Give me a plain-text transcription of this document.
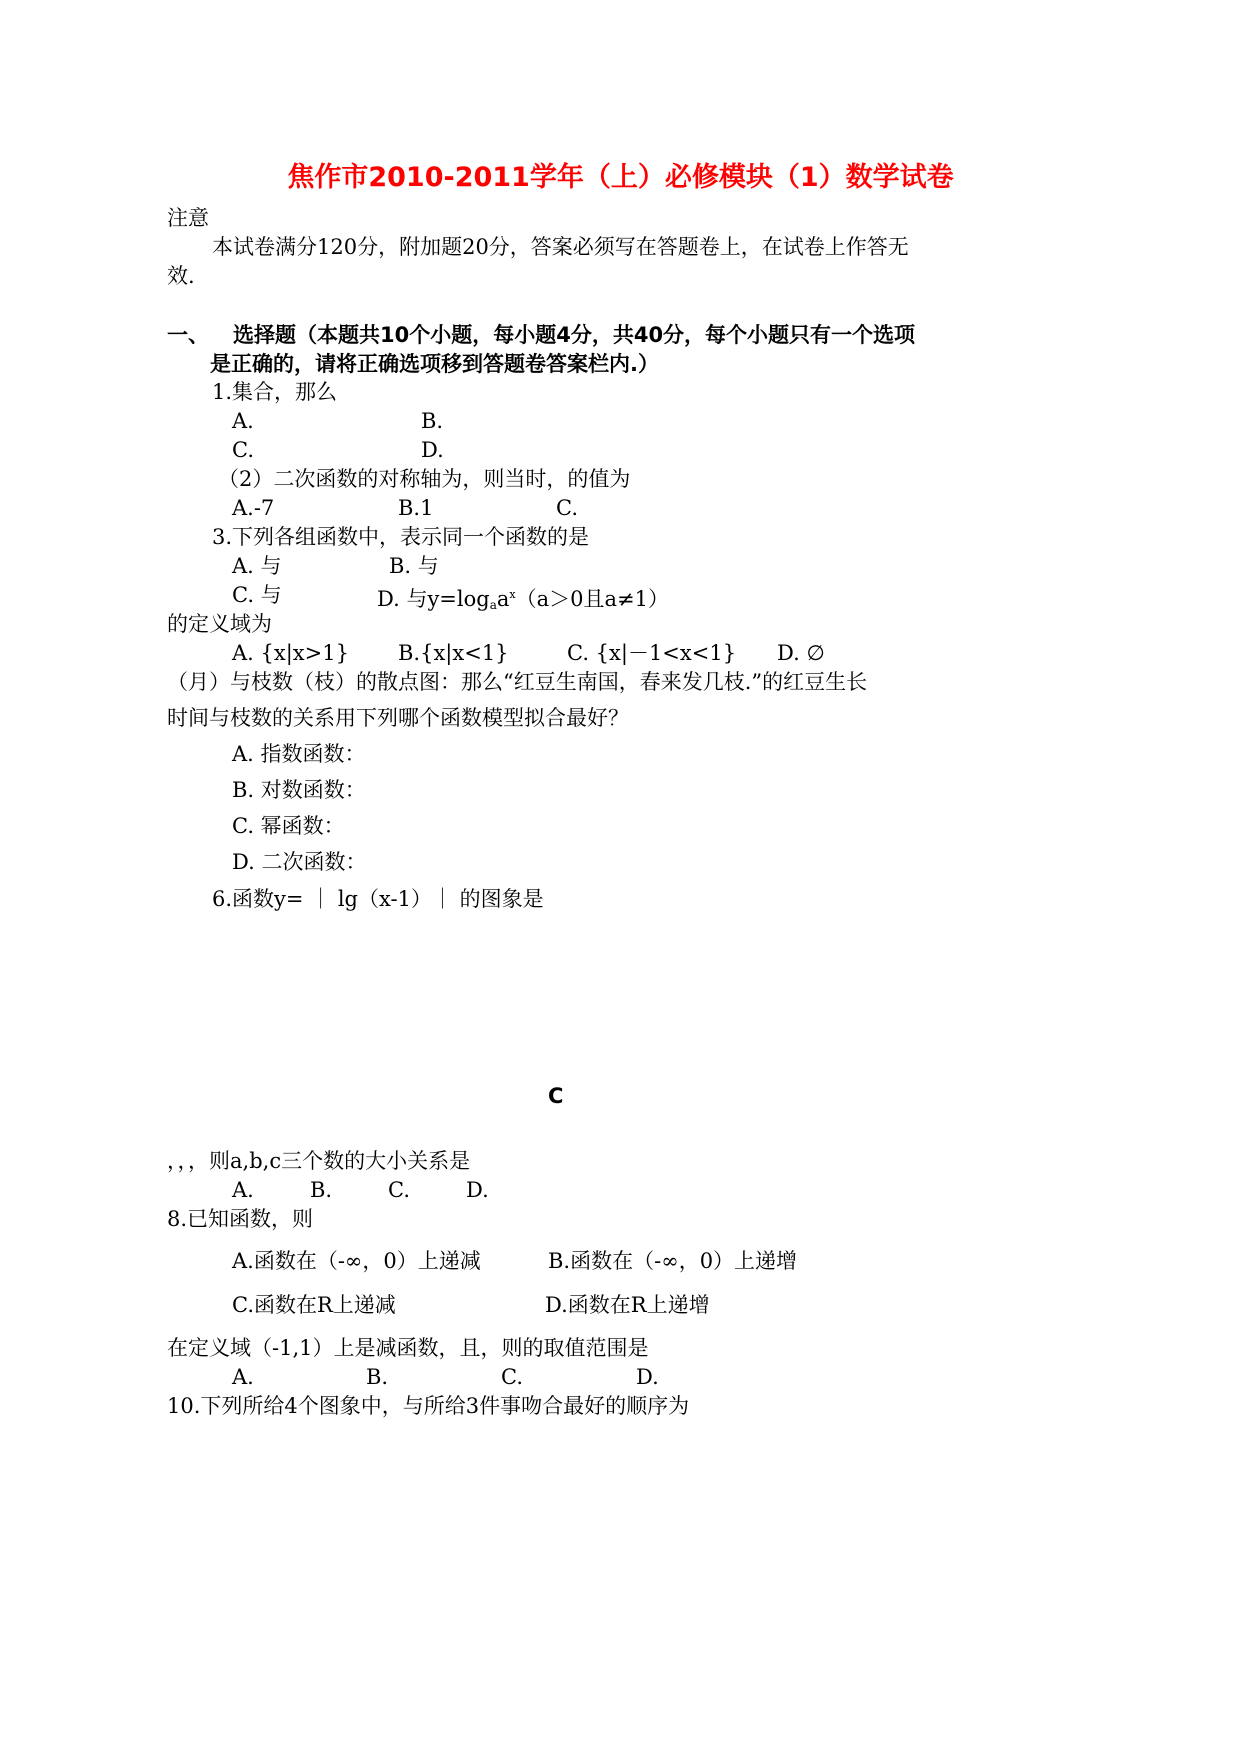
焦作市2010-2011学年（上）必修模块（1）数学试卷
注意
本试卷满分120分，附加题20分，答案必须写在答题卷上，在试卷上作答无
效.
一、 选择题（本题共10个小题，每小题4分，共40分，每个小题只有一个选项
是正确的，请将正确选项移到答题卷答案栏内.）
1.集合，那么
A.	B.
C.	D.
（2）二次函数的对称轴为，则当时，的值为
A.-7	B.1	C.
3.下列各组函数中，表示同一个函数的是
A. 与	B. 与
C. 与	D. 与$y=\log_aa^x(a>0$且a≠1）
的定义域为
A. {x|x>1} B.{x|x<1}	C. {x|－1<x<1} D. ∅
（月）与枝数（枝）的散点图：那么“红豆生南国，春来发几枝.”的红豆生长
时间与枝数的关系用下列哪个函数模型拟合最好？
A. 指数函数：
B. 对数函数：
C. 幂函数：
D. 二次函数：
6.函数y= ｜ lg（x-1）｜ 的图象是
C
，，，则a,b,c三个数的大小关系是
A.	B.	C.	D.
8.已知函数，则
A.函数在（-∞，0）上递减	B.函数在（-∞，0）上递增
C.函数在R上递减	D.函数在R上递增
在定义域（-1,1）上是减函数，且，则的取值范围是
A.	B.	C.	D.
10.下列所给4个图象中，与所给3件事吻合最好的顺序为
